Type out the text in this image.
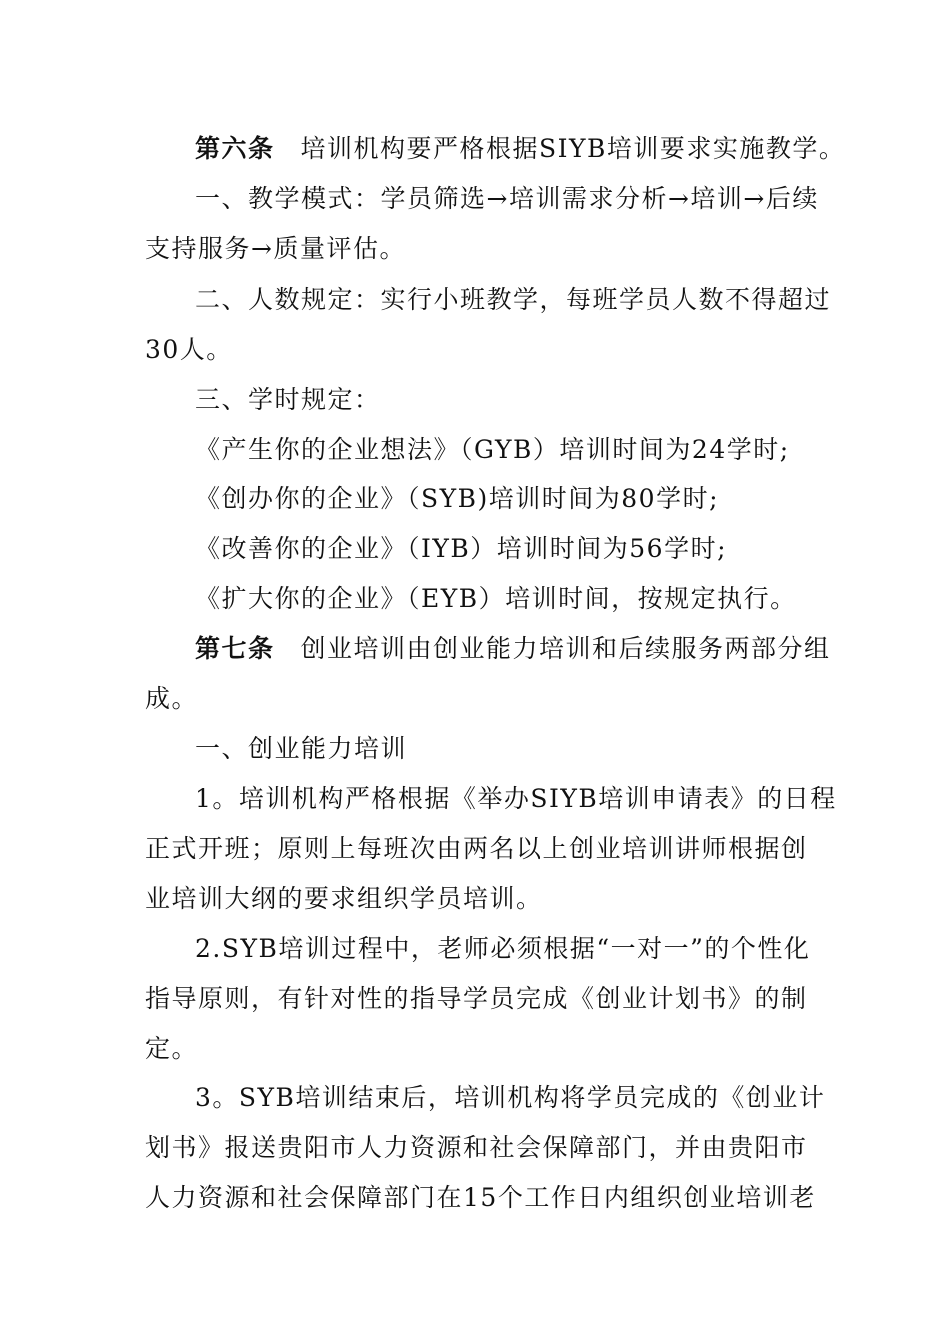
第六条 培训机构要严格根据SIYB培训要求实施教学。
一、教学模式：学员筛选→培训需求分析→培训→后续
支持服务→质量评估。
二、人数规定：实行小班教学，每班学员人数不得超过
30人。
三、学时规定：
《产生你的企业想法》（GYB）培训时间为24学时;
《创办你的企业》（SYB)培训时间为80学时;
《改善你的企业》（IYB）培训时间为56学时;
《扩大你的企业》（EYB）培训时间，按规定执行。
第七条 创业培训由创业能力培训和后续服务两部分组
成。
一、创业能力培训
1。培训机构严格根据《举办SIYB培训申请表》的日程
正式开班；原则上每班次由两名以上创业培训讲师根据创
业培训大纲的要求组织学员培训。
2.SYB培训过程中，老师必须根据“一对一”的个性化
指导原则，有针对性的指导学员完成《创业计划书》的制
定。
3。SYB培训结束后，培训机构将学员完成的《创业计
划书》报送贵阳市人力资源和社会保障部门，并由贵阳市
人力资源和社会保障部门在15个工作日内组织创业培训老
